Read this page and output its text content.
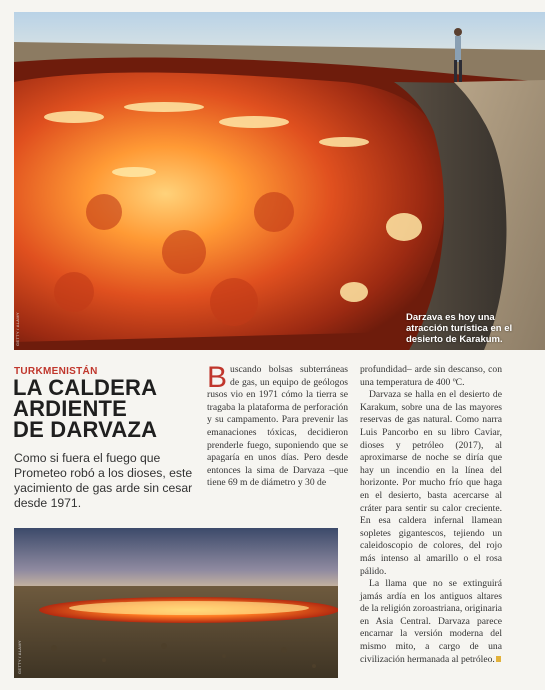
GETTY / ALAMY	Darzava es hoy una atracción turística en el desierto de Karakum.
TURKMENISTÁN
LA CALDERA
ARDIENTE
DE DARVAZA
Como si fuera el fuego que Prometeo robó a los dioses, este yacimiento de gas arde sin cesar desde 1971.

Buscando bolsas subterráneas de gas, un equipo de geólogos rusos vio en 1971 cómo la tierra se tragaba la plataforma de perforación y su campamento. Para prevenir las emanaciones tóxicas, decidieron prenderle fuego, suponiendo que se apagaría en unos días. Pero desde entonces la sima de Darvaza –que tiene 69 m de diámetro y 30 de

profundidad– arde sin descanso, con una temperatura de 400 ºC.

Darvaza se halla en el desierto de Karakum, sobre una de las mayores reservas de gas natural. Como narra Luis Pancorbo en su libro Caviar, dioses y petróleo (2017), al aproximarse de noche se diría que hay un incendio en la línea del horizonte. Por mucho frío que haga en el desierto, basta acercarse al cráter para sentir su calor creciente. En esa caldera infernal llamean sopletes gigantescos, tejiendo un caleidoscopio de colores, del rojo más intenso al amarillo o el rosa pálido.

La llama que no se extinguirá jamás ardía en los antiguos altares de la religión zoroastriana, originaria en Asia Central. Darvaza parece encarnar la versión moderna del mismo mito, a cargo de una civilización hermanada al petróleo.

GETTY / ALAMY
